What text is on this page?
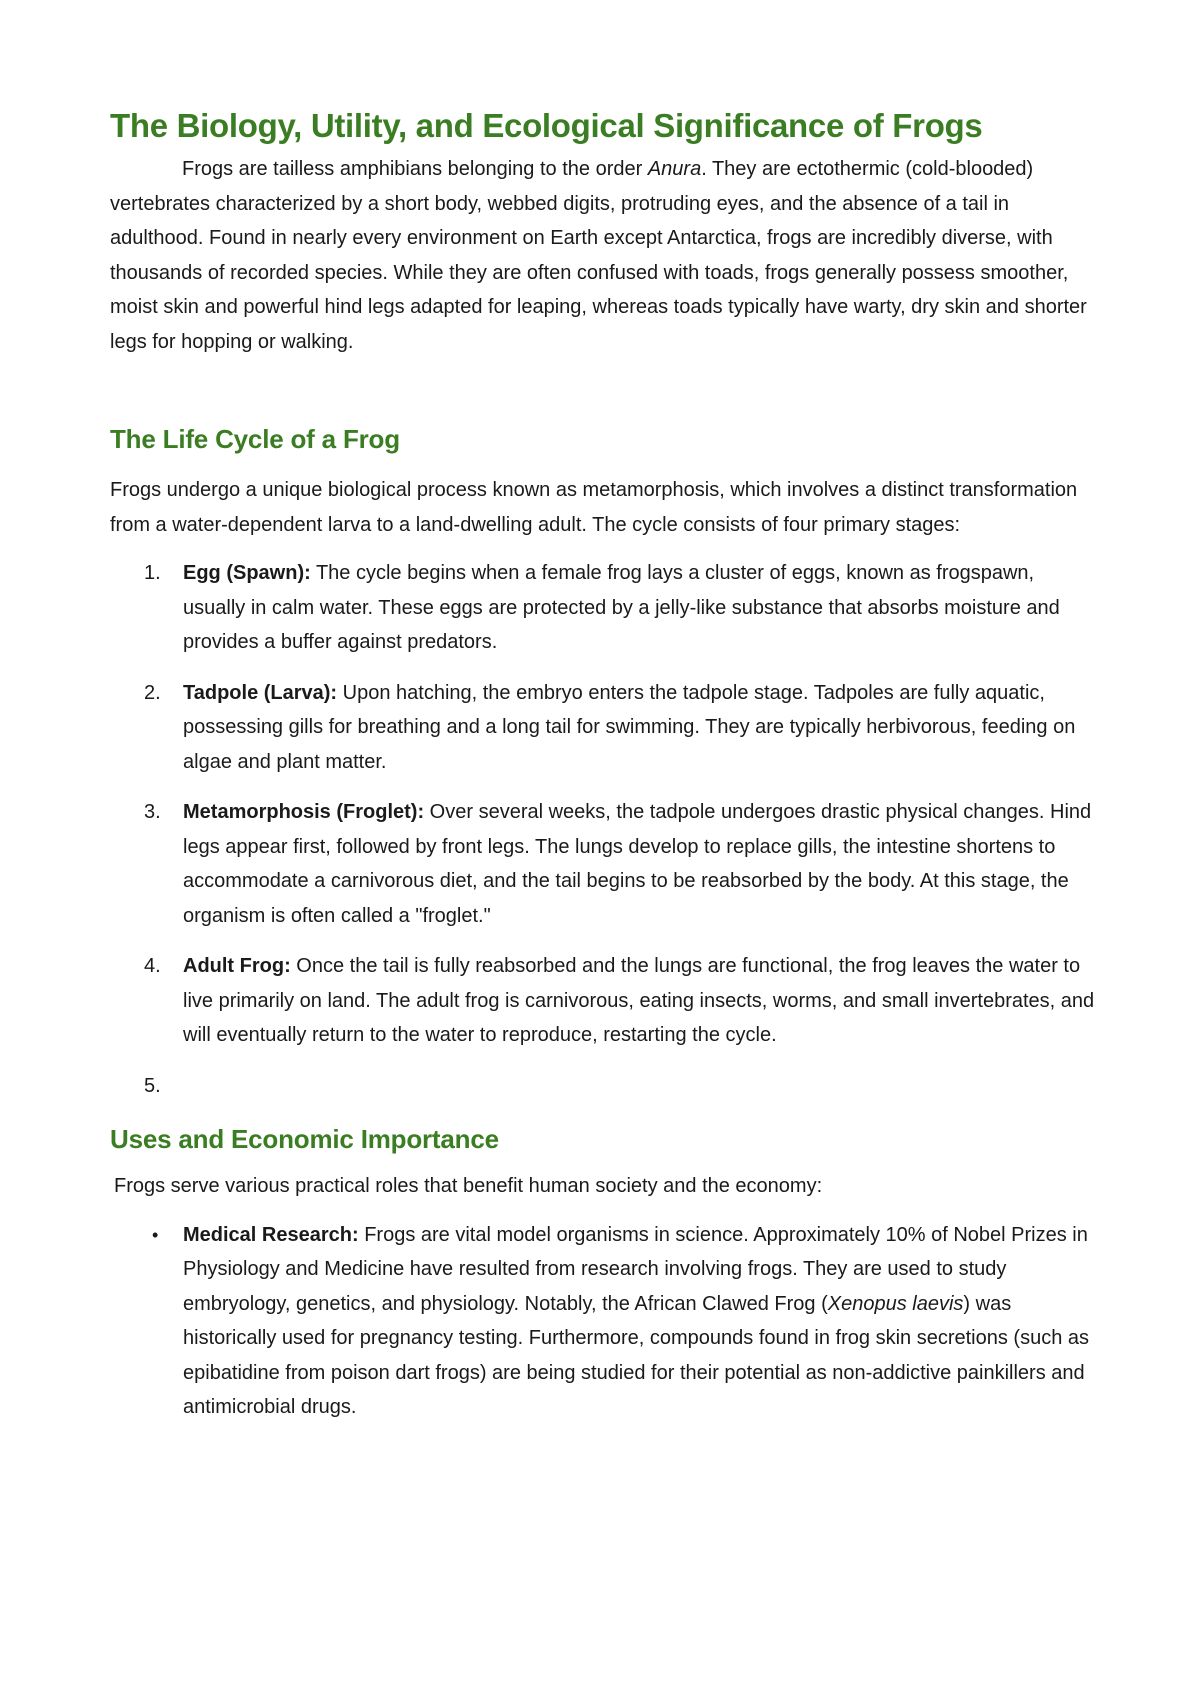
The Biology, Utility, and Ecological Significance of Frogs

Frogs are tailless amphibians belonging to the order Anura. They are ectothermic (cold-blooded) vertebrates characterized by a short body, webbed digits, protruding eyes, and the absence of a tail in adulthood. Found in nearly every environment on Earth except Antarctica, frogs are incredibly diverse, with thousands of recorded species. While they are often confused with toads, frogs generally possess smoother, moist skin and powerful hind legs adapted for leaping, whereas toads typically have warty, dry skin and shorter legs for hopping or walking.

The Life Cycle of a Frog

Frogs undergo a unique biological process known as metamorphosis, which involves a distinct transformation from a water-dependent larva to a land-dwelling adult. The cycle consists of four primary stages:

1. Egg (Spawn): The cycle begins when a female frog lays a cluster of eggs, known as frogspawn, usually in calm water. These eggs are protected by a jelly-like substance that absorbs moisture and provides a buffer against predators.
2. Tadpole (Larva): Upon hatching, the embryo enters the tadpole stage. Tadpoles are fully aquatic, possessing gills for breathing and a long tail for swimming. They are typically herbivorous, feeding on algae and plant matter.
3. Metamorphosis (Froglet): Over several weeks, the tadpole undergoes drastic physical changes. Hind legs appear first, followed by front legs. The lungs develop to replace gills, the intestine shortens to accommodate a carnivorous diet, and the tail begins to be reabsorbed by the body. At this stage, the organism is often called a "froglet."
4. Adult Frog: Once the tail is fully reabsorbed and the lungs are functional, the frog leaves the water to live primarily on land. The adult frog is carnivorous, eating insects, worms, and small invertebrates, and will eventually return to the water to reproduce, restarting the cycle.
5.

Uses and Economic Importance

Frogs serve various practical roles that benefit human society and the economy:

• Medical Research: Frogs are vital model organisms in science. Approximately 10% of Nobel Prizes in Physiology and Medicine have resulted from research involving frogs. They are used to study embryology, genetics, and physiology. Notably, the African Clawed Frog (Xenopus laevis) was historically used for pregnancy testing. Furthermore, compounds found in frog skin secretions (such as epibatidine from poison dart frogs) are being studied for their potential as non-addictive painkillers and antimicrobial drugs.
